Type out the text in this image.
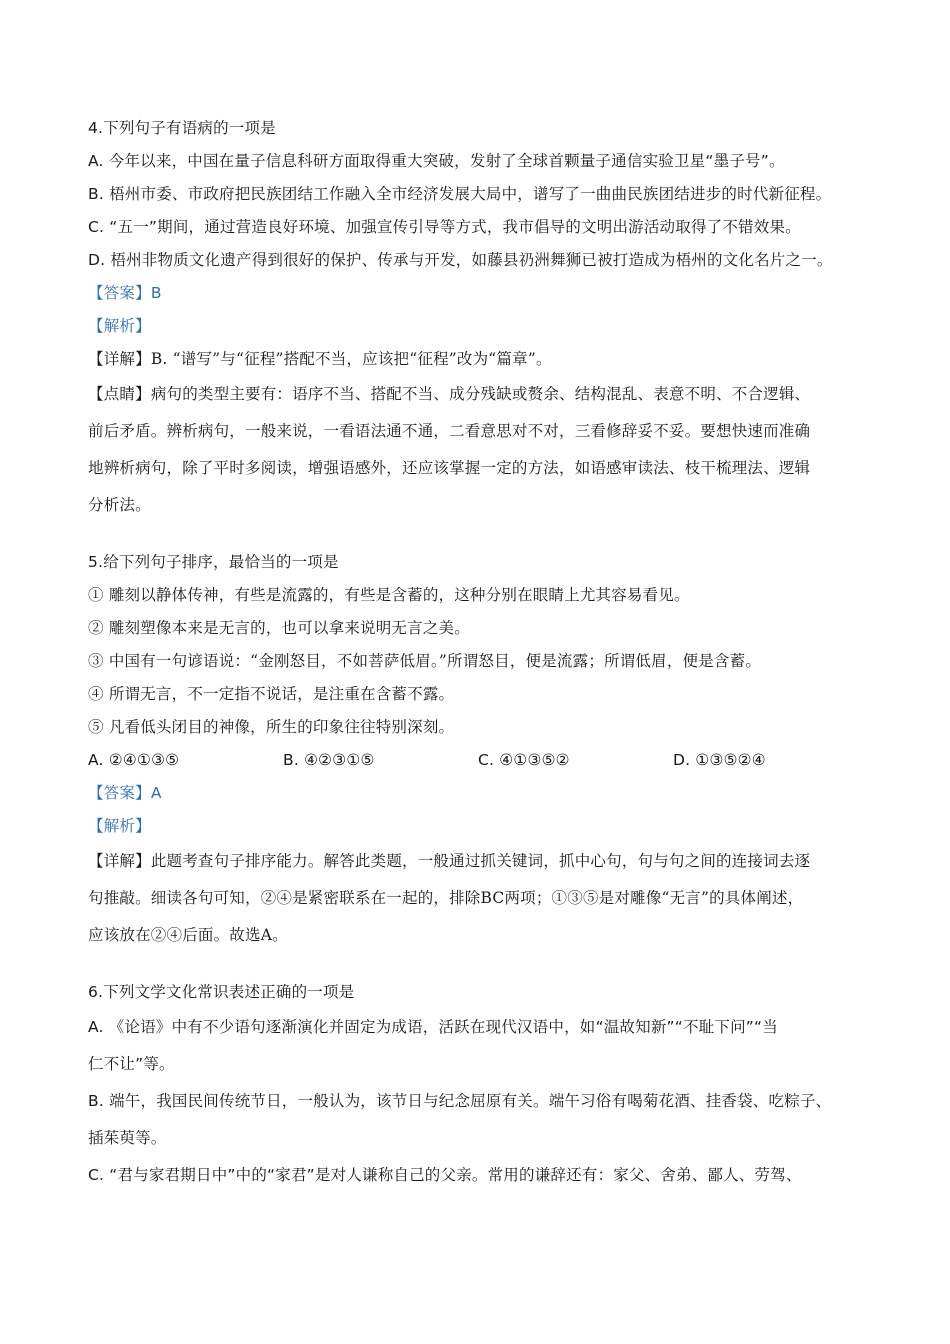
4.下列句子有语病的一项是
A. 今年以来，中国在量子信息科研方面取得重大突破，发射了全球首颗量子通信实验卫星“墨子号”。
B. 梧州市委、市政府把民族团结工作融入全市经济发展大局中，谱写了一曲曲民族团结进步的时代新征程。
C. “五一”期间，通过营造良好环境、加强宣传引导等方式，我市倡导的文明出游活动取得了不错效果。
D. 梧州非物质文化遗产得到很好的保护、传承与开发，如藤县礽洲舞狮已被打造成为梧州的文化名片之一。
【答案】B
【解析】
【详解】B. “谱写”与“征程”搭配不当，应该把“征程”改为“篇章”。
【点睛】病句的类型主要有：语序不当、搭配不当、成分残缺或赘余、结构混乱、表意不明、不合逻辑、
前后矛盾。辨析病句，一般来说，一看语法通不通，二看意思对不对，三看修辞妥不妥。要想快速而准确
地辨析病句，除了平时多阅读，增强语感外，还应该掌握一定的方法，如语感审读法、枝干梳理法、逻辑
分析法。
5.给下列句子排序，最恰当的一项是
① 雕刻以静体传神，有些是流露的，有些是含蓄的，这种分别在眼睛上尤其容易看见。
② 雕刻塑像本来是无言的，也可以拿来说明无言之美。
③ 中国有一句谚语说：“金刚怒目，不如菩萨低眉。”所谓怒目，便是流露；所谓低眉，便是含蓄。
④ 所谓无言，不一定指不说话，是注重在含蓄不露。
⑤ 凡看低头闭目的神像，所生的印象往往特别深刻。
A. ②④①③⑤	B. ④②③①⑤	C. ④①③⑤②	D. ①③⑤②④
【答案】A
【解析】
【详解】此题考查句子排序能力。解答此类题，一般通过抓关键词，抓中心句，句与句之间的连接词去逐
句推敲。细读各句可知，②④是紧密联系在一起的，排除BC两项；①③⑤是对雕像“无言”的具体阐述，
应该放在②④后面。故选A。
6.下列文学文化常识表述正确的一项是
A. 《论语》中有不少语句逐渐演化并固定为成语，活跃在现代汉语中，如“温故知新”“不耻下问”“当
仁不让”等。
B. 端午，我国民间传统节日，一般认为，该节日与纪念屈原有关。端午习俗有喝菊花酒、挂香袋、吃粽子、
插茱萸等。
C. “君与家君期日中”中的“家君”是对人谦称自己的父亲。常用的谦辞还有：家父、舍弟、鄙人、劳驾、
